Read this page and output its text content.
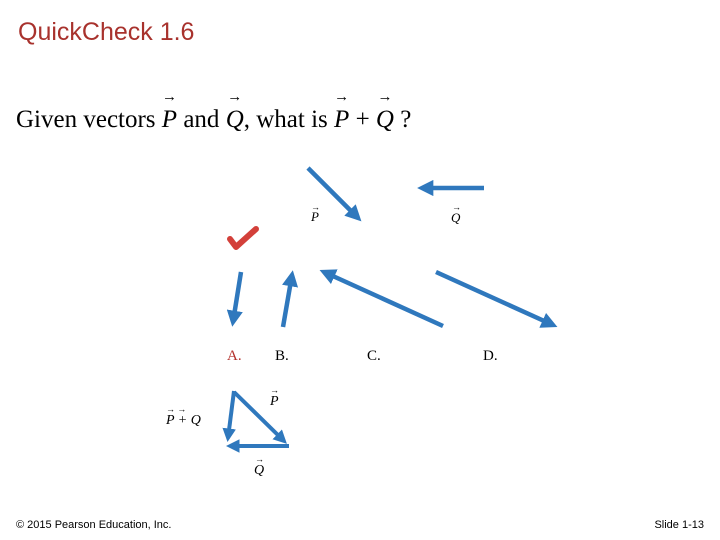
QuickCheck 1.6
Given vectors → P and → Q, what is → P + → Q ?
P
→
Q
→
A. B.	C.	D.
P
→
Q
→
P + Q
→ →
© 2015 Pearson Education, Inc.	Slide 1-13
